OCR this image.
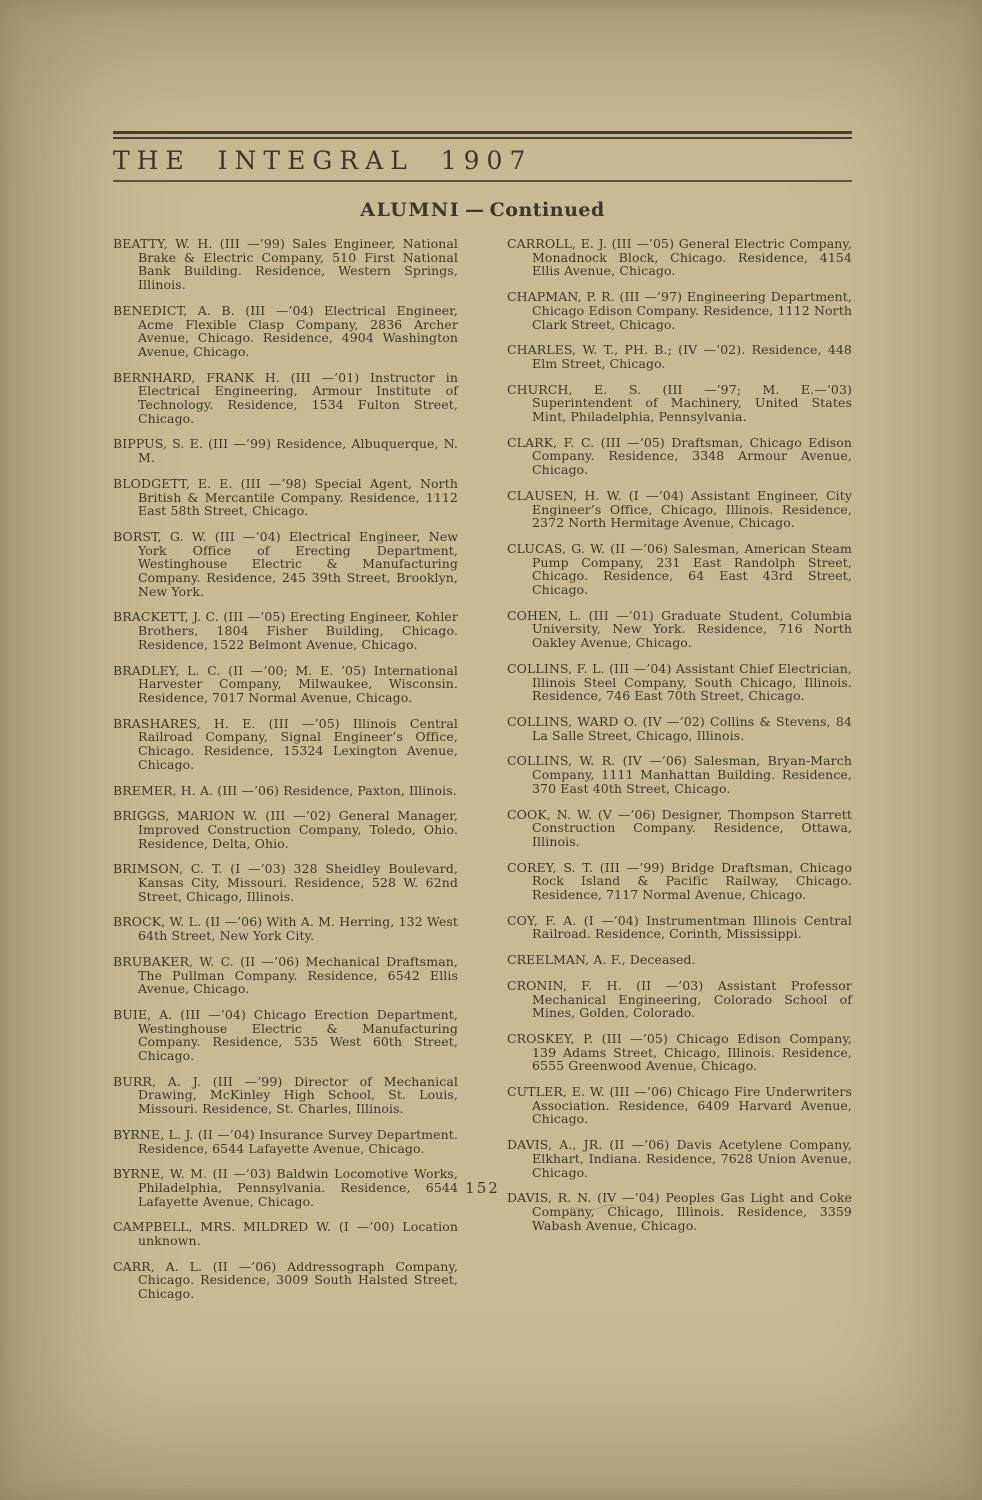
THE INTEGRAL 1907
ALUMNI — Continued

BEATTY, W. H. (III —’99) Sales Engineer, National Brake & Electric Company, 510 First National Bank Building. Residence, Western Springs, Illinois.

BENEDICT, A. B. (III —’04) Electrical Engineer, Acme Flexible Clasp Company, 2836 Archer Avenue, Chicago. Residence, 4904 Washington Avenue, Chicago.

BERNHARD, FRANK H. (III —’01) Instructor in Electrical Engineering, Armour Institute of Technology. Residence, 1534 Fulton Street, Chicago.

BIPPUS, S. E. (III —’99) Residence, Albuquerque, N. M.

BLODGETT, E. E. (III —’98) Special Agent, North British & Mercantile Company. Residence, 1112 East 58th Street, Chicago.

BORST, G. W. (III —’04) Electrical Engineer, New York Office of Erecting Department, Westinghouse Electric & Manufacturing Company. Residence, 245 39th Street, Brooklyn, New York.

BRACKETT, J. C. (III —’05) Erecting Engineer, Kohler Brothers, 1804 Fisher Building, Chicago. Residence, 1522 Belmont Avenue, Chicago.

BRADLEY, L. C. (II —’00; M. E. ’05) International Harvester Company, Milwaukee, Wisconsin. Residence, 7017 Normal Avenue, Chicago.

BRASHARES, H. E. (III —’05) Illinois Central Railroad Company, Signal Engineer’s Office, Chicago. Residence, 15324 Lexington Avenue, Chicago.

BREMER, H. A. (III —’06) Residence, Paxton, Illinois.

BRIGGS, MARION W. (III —’02) General Manager, Improved Construction Company, Toledo, Ohio. Residence, Delta, Ohio.

BRIMSON, C. T. (I —’03) 328 Sheidley Boulevard, Kansas City, Missouri. Residence, 528 W. 62nd Street, Chicago, Illinois.

BROCK, W. L. (II —’06) With A. M. Herring, 132 West 64th Street, New York City.

BRUBAKER, W. C. (II —’06) Mechanical Draftsman, The Pullman Company. Residence, 6542 Ellis Avenue, Chicago.

BUIE, A. (III —’04) Chicago Erection Department, Westinghouse Electric & Manufacturing Company. Residence, 535 West 60th Street, Chicago.

BURR, A. J. (III —’99) Director of Mechanical Drawing, McKinley High School, St. Louis, Missouri. Residence, St. Charles, Illinois.

BYRNE, L. J. (II —’04) Insurance Survey Department. Residence, 6544 Lafayette Avenue, Chicago.

BYRNE, W. M. (II —’03) Baldwin Locomotive Works, Philadelphia, Pennsylvania. Residence, 6544 Lafayette Avenue, Chicago.

CAMPBELL, MRS. MILDRED W. (I —’00) Location unknown.

CARR, A. L. (II —’06) Addressograph Company, Chicago. Residence, 3009 South Halsted Street, Chicago.

CARROLL, E. J. (III —’05) General Electric Company, Monadnock Block, Chicago. Residence, 4154 Ellis Avenue, Chicago.

CHAPMAN, P. R. (III —’97) Engineering Department, Chicago Edison Company. Residence, 1112 North Clark Street, Chicago.

CHARLES, W. T., PH. B.; (IV —’02). Residence, 448 Elm Street, Chicago.

CHURCH, E. S. (III —’97; M. E.—’03) Superintendent of Machinery, United States Mint, Philadelphia, Pennsylvania.

CLARK, F. C. (III —’05) Draftsman, Chicago Edison Company. Residence, 3348 Armour Avenue, Chicago.

CLAUSEN, H. W. (I —’04) Assistant Engineer, City Engineer’s Office, Chicago, Illinois. Residence, 2372 North Hermitage Avenue, Chicago.

CLUCAS, G. W. (II —’06) Salesman, American Steam Pump Company, 231 East Randolph Street, Chicago. Residence, 64 East 43rd Street, Chicago.

COHEN, L. (III —’01) Graduate Student, Columbia University, New York. Residence, 716 North Oakley Avenue, Chicago.

COLLINS, F. L. (III —’04) Assistant Chief Electrician, Illinois Steel Company, South Chicago, Illinois. Residence, 746 East 70th Street, Chicago.

COLLINS, WARD O. (IV —’02) Collins & Stevens, 84 La Salle Street, Chicago, Illinois.

COLLINS, W. R. (IV —’06) Salesman, Bryan-March Company, 1111 Manhattan Building. Residence, 370 East 40th Street, Chicago.

COOK, N. W. (V —’06) Designer, Thompson Starrett Construction Company. Residence, Ottawa, Illinois.

COREY, S. T. (III —’99) Bridge Draftsman, Chicago Rock Island & Pacific Railway, Chicago. Residence, 7117 Normal Avenue, Chicago.

COY, F. A. (I —’04) Instrumentman Illinois Central Railroad. Residence, Corinth, Mississippi.

CREELMAN, A. F., Deceased.

CRONIN, F. H. (II —’03) Assistant Professor Mechanical Engineering, Colorado School of Mines, Golden, Colorado.

CROSKEY, P. (III —’05) Chicago Edison Company, 139 Adams Street, Chicago, Illinois. Residence, 6555 Greenwood Avenue, Chicago.

CUTLER, E. W. (III —’06) Chicago Fire Underwriters Association. Residence, 6409 Harvard Avenue, Chicago.

DAVIS, A., JR. (II —’06) Davis Acetylene Company, Elkhart, Indiana. Residence, 7628 Union Avenue, Chicago.

DAVIS, R. N. (IV —’04) Peoples Gas Light and Coke Company, Chicago, Illinois. Residence, 3359 Wabash Avenue, Chicago.

152
